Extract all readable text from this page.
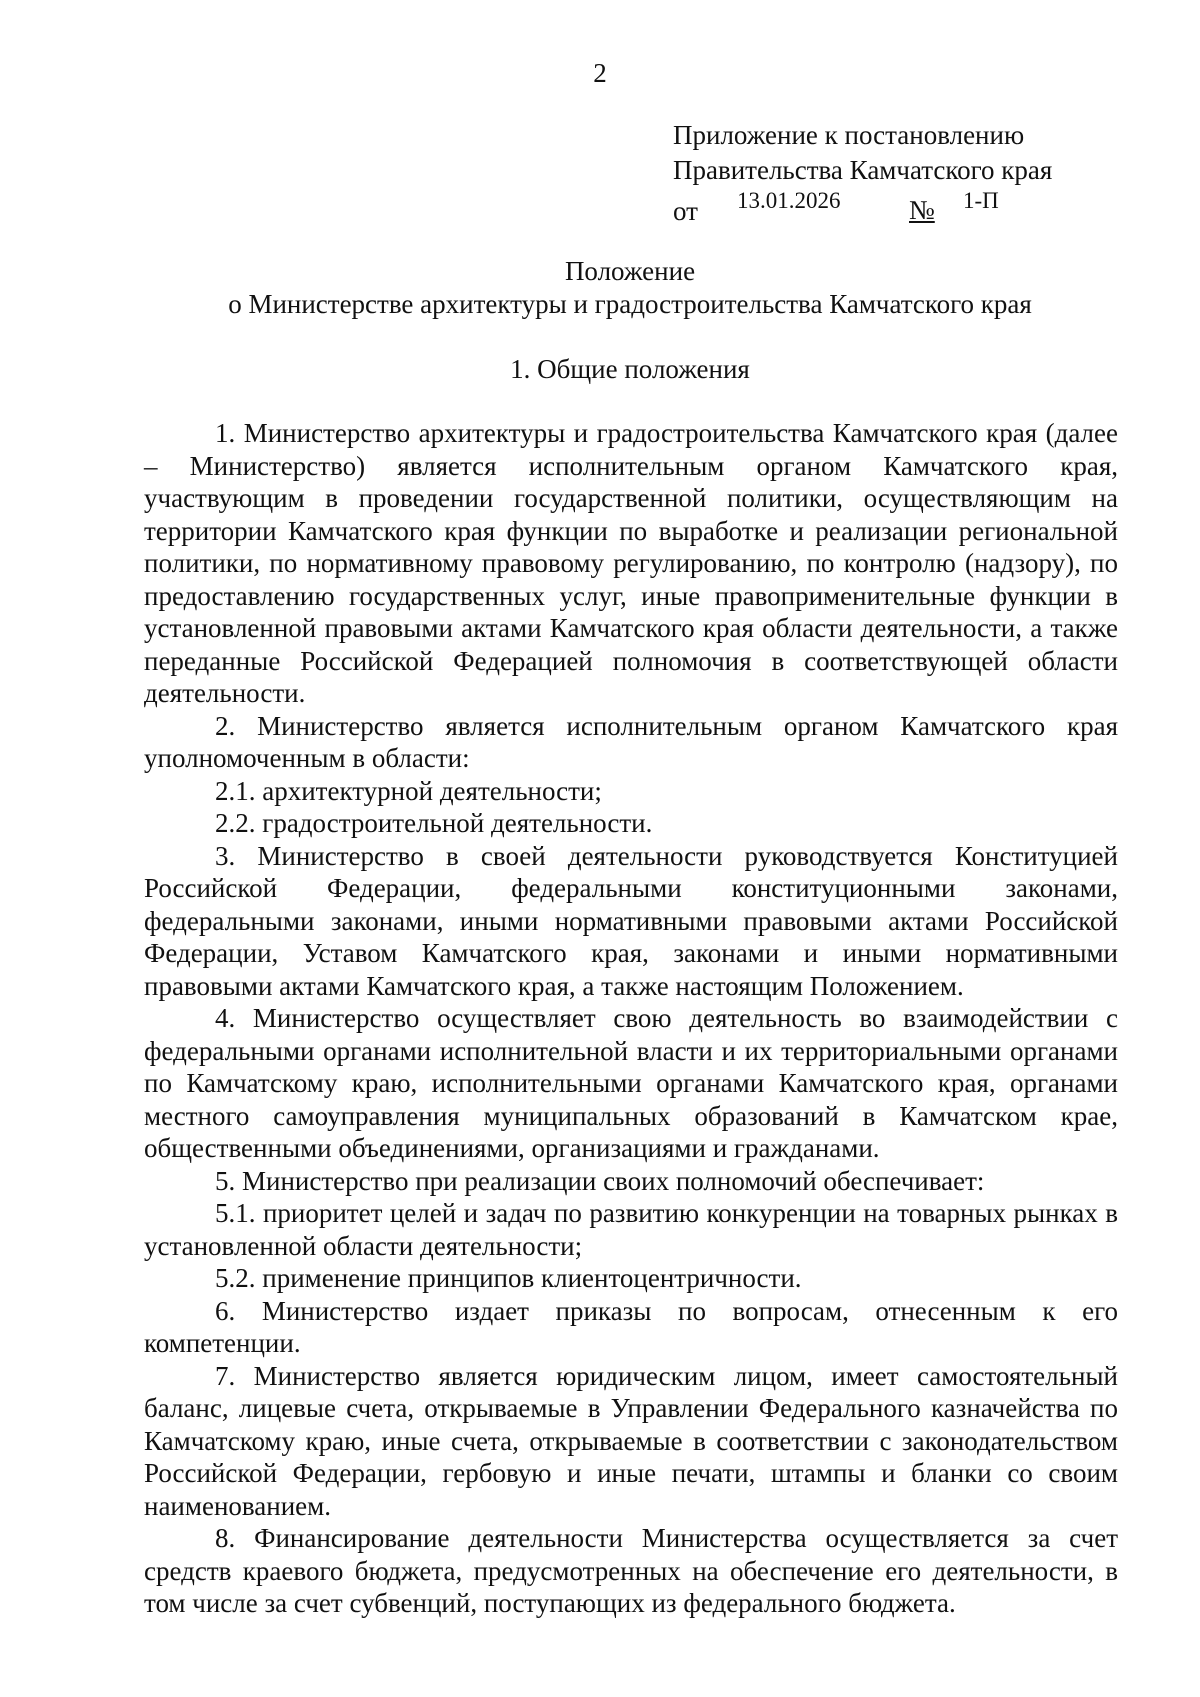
2
Приложение к постановлению
Правительства Камчатского края
от 13.01.2026	№ 1-П
Положение
о Министерстве архитектуры и градостроительства Камчатского края
1. Общие положения

1. Министерство архитектуры и градостроительства Камчатского края (далее – Министерство) является исполнительным органом Камчатского края, участвующим в проведении государственной политики, осуществляющим на территории Камчатского края функции по выработке и реализации региональной политики, по нормативному правовому регулированию, по контролю (надзору), по предоставлению государственных услуг, иные правоприменительные функции в установленной правовыми актами Камчатского края области деятельности, а также переданные Российской Федерацией полномочия в соответствующей области деятельности.

2. Министерство является исполнительным органом Камчатского края уполномоченным в области:

2.1. архитектурной деятельности;

2.2. градостроительной деятельности.

3. Министерство в своей деятельности руководствуется Конституцией Российской Федерации, федеральными конституционными законами, федеральными законами, иными нормативными правовыми актами Российской Федерации, Уставом Камчатского края, законами и иными нормативными правовыми актами Камчатского края, а также настоящим Положением.

4. Министерство осуществляет свою деятельность во взаимодействии с федеральными органами исполнительной власти и их территориальными органами по Камчатскому краю, исполнительными органами Камчатского края, органами местного самоуправления муниципальных образований в Камчатском крае, общественными объединениями, организациями и гражданами.

5. Министерство при реализации своих полномочий обеспечивает:

5.1. приоритет целей и задач по развитию конкуренции на товарных рынках в установленной области деятельности;

5.2. применение принципов клиентоцентричности.

6. Министерство издает приказы по вопросам, отнесенным к его компетенции.

7. Министерство является юридическим лицом, имеет самостоятельный баланс, лицевые счета, открываемые в Управлении Федерального казначейства по Камчатскому краю, иные счета, открываемые в соответствии с законодательством Российской Федерации, гербовую и иные печати, штампы и бланки со своим наименованием.

8. Финансирование деятельности Министерства осуществляется за счет средств краевого бюджета, предусмотренных на обеспечение его деятельности, в том числе за счет субвенций, поступающих из федерального бюджета.
